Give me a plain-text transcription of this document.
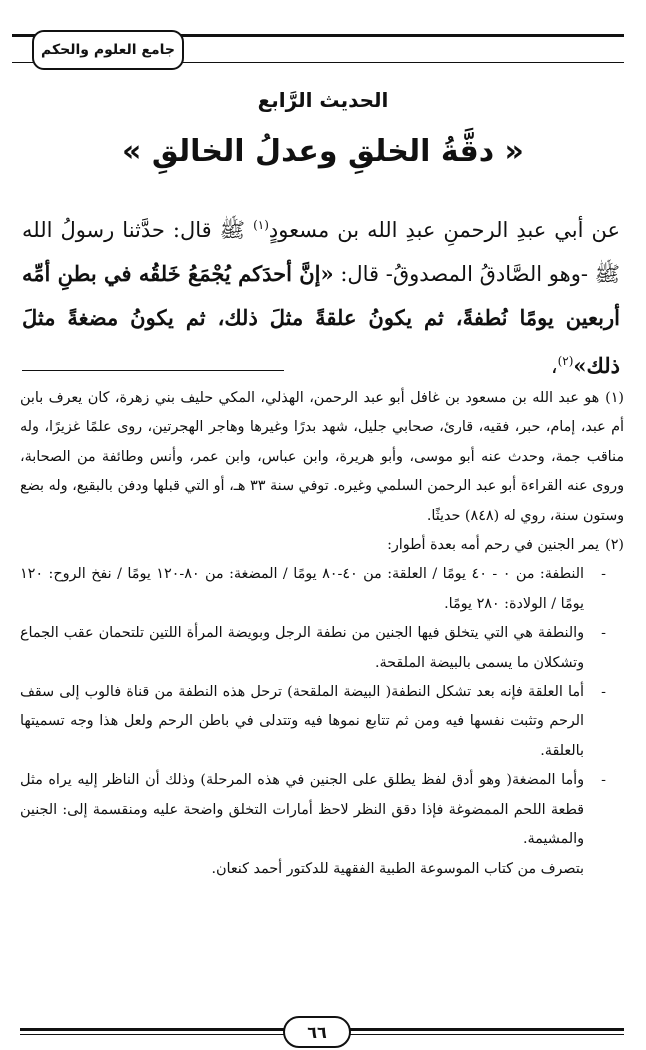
جامع العلوم والحكم
الحديث الرَّابع
« دقَّةُ الخلقِ وعدلُ الخالقِ »
عن أبي عبدِ الرحمنِ عبدِ الله بن مسعودٍ$^{(١)}$ ﷺ قال: حدَّثنا رسولُ الله ﷺ -وهو الصَّادقُ المصدوقُ- قال: «إنَّ أحدَكم يُجْمَعُ خَلقُه في بطنِ أمِّه أربعين يومًا نُطفةً، ثم يكونُ علقةً مثلَ ذلك، ثم يكونُ مضغةً مثلَ ذلك»$^{(٢)}$،

(١)هو عبد الله بن مسعود بن غافل أبو عبد الرحمن، الهذلي، المكي حليف بني زهرة، كان يعرف بابن أم عبد، إمام، حبر، فقيه، قارئ، صحابي جليل، شهد بدرًا وغيرها وهاجر الهجرتين، روى علمًا غزيرًا، وله مناقب جمة، وحدث عنه أبو موسى، وأبو هريرة، وابن عباس، وابن عمر، وأنس وطائفة من الصحابة، وروى عنه القراءة أبو عبد الرحمن السلمي وغيره. توفي سنة ٣٣ هـ، أو التي قبلها ودفن بالبقيع، وله بضع وستون سنة، روي له (٨٤٨) حديثًا.

(٢)يمر الجنين في رحم أمه بعدة أطوار:

-
النطفة: من ٠ - ٤٠ يومًا / العلقة: من ٤٠-٨٠ يومًا / المضغة: من ٨٠-١٢٠ يومًا / نفخ الروح: ١٢٠ يومًا / الولادة: ٢٨٠ يومًا.
-
والنطفة هي التي يتخلق فيها الجنين من نطفة الرجل وبويضة المرأة اللتين تلتحمان عقب الجماع وتشكلان ما يسمى بالبيضة الملقحة.
-
أما العلقة فإنه بعد تشكل النطفة( البيضة الملقحة) ترحل هذه النطفة من قناة فالوب إلى سقف الرحم وتثبت نفسها فيه ومن ثم تتابع نموها فيه وتتدلى في باطن الرحم ولعل هذا وجه تسميتها بالعلقة.
-
وأما المضغة( وهو أدق لفظ يطلق على الجنين في هذه المرحلة) وذلك أن الناظر إليه يراه مثل قطعة اللحم الممضوغة فإذا دقق النظر لاحظ أمارات التخلق واضحة عليه ومنقسمة إلى: الجنين والمشيمة.

بتصرف من كتاب الموسوعة الطبية الفقهية للدكتور أحمد كنعان.

٦٦
